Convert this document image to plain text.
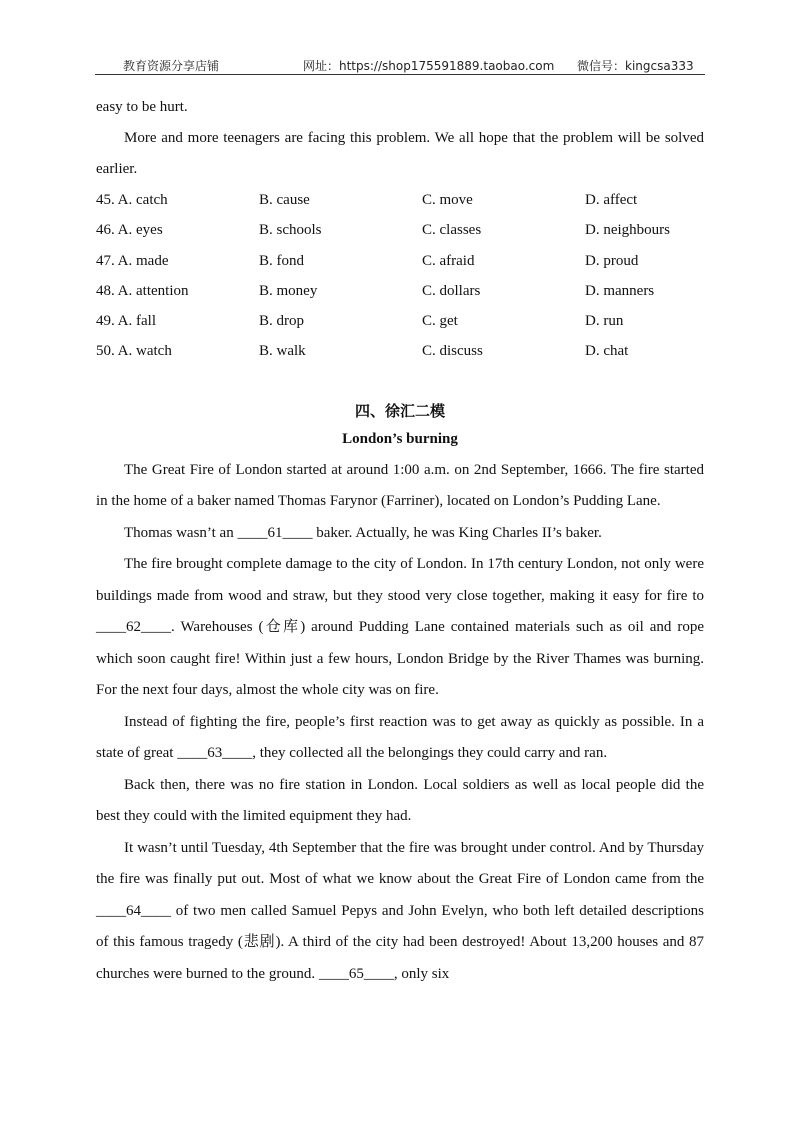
教育资源分享店铺	网址：https://shop175591889.taobao.com 微信号：kingcsa333

easy to be hurt.

More and more teenagers are facing this problem. We all hope that the problem will be solved earlier.

45. A. catch	B. cause	C. move	D. affect
46. A. eyes	B. schools	C. classes	D. neighbours
47. A. made	B. fond	C. afraid	D. proud
48. A. attention	B. money	C. dollars	D. manners
49. A. fall	B. drop	C. get	D. run
50. A. watch	B. walk	C. discuss	D. chat
四、徐汇二模
London’s burning

The Great Fire of London started at around 1:00 a.m. on 2nd September, 1666. The fire started in the home of a baker named Thomas Farynor (Farriner), located on London’s Pudding Lane.

Thomas wasn’t an ____61____ baker. Actually, he was King Charles II’s baker.

The fire brought complete damage to the city of London. In 17th century London, not only were buildings made from wood and straw, but they stood very close together, making it easy for fire to ____62____. Warehouses (仓库) around Pudding Lane contained materials such as oil and rope which soon caught fire! Within just a few hours, London Bridge by the River Thames was burning. For the next four days, almost the whole city was on fire.

Instead of fighting the fire, people’s first reaction was to get away as quickly as possible. In a state of great ____63____, they collected all the belongings they could carry and ran.

Back then, there was no fire station in London. Local soldiers as well as local people did the best they could with the limited equipment they had.

It wasn’t until Tuesday, 4th September that the fire was brought under control. And by Thursday the fire was finally put out. Most of what we know about the Great Fire of London came from the ____64____ of two men called Samuel Pepys and John Evelyn, who both left detailed descriptions of this famous tragedy (悲剧). A third of the city had been destroyed! About 13,200 houses and 87 churches were burned to the ground. ____65____, only six
